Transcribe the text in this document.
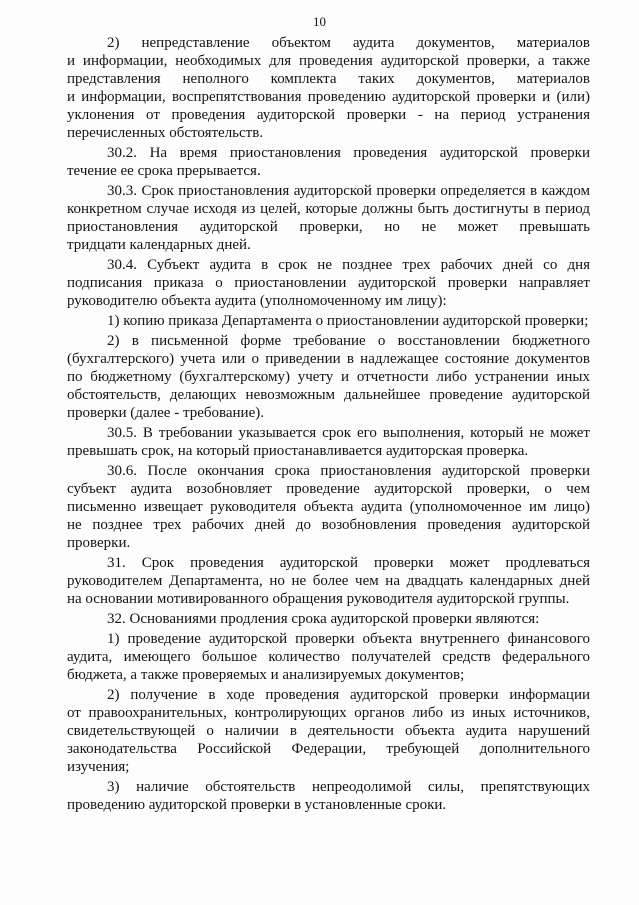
10
2) непредставление объектом аудита документов, материалов
и информации, необходимых для проведения аудиторской проверки, а также
представления неполного комплекта таких документов, материалов
и информации, воспрепятствования проведению аудиторской проверки и (или)
уклонения от проведения аудиторской проверки - на период устранения
перечисленных обстоятельств.
30.2. На время приостановления проведения аудиторской проверки
течение ее срока прерывается.
30.3. Срок приостановления аудиторской проверки определяется в каждом
конкретном случае исходя из целей, которые должны быть достигнуты в период
приостановления аудиторской проверки, но не может превышать
тридцати календарных дней.
30.4. Субъект аудита в срок не позднее трех рабочих дней со дня
подписания приказа о приостановлении аудиторской проверки направляет
руководителю объекта аудита (уполномоченному им лицу):
1) копию приказа Департамента о приостановлении аудиторской проверки;
2) в письменной форме требование о восстановлении бюджетного
(бухгалтерского) учета или о приведении в надлежащее состояние документов
по бюджетному (бухгалтерскому) учету и отчетности либо устранении иных
обстоятельств, делающих невозможным дальнейшее проведение аудиторской
проверки (далее - требование).
30.5. В требовании указывается срок его выполнения, который не может
превышать срок, на который приостанавливается аудиторская проверка.
30.6. После окончания срока приостановления аудиторской проверки
субъект аудита возобновляет проведение аудиторской проверки, о чем
письменно извещает руководителя объекта аудита (уполномоченное им лицо)
не позднее трех рабочих дней до возобновления проведения аудиторской
проверки.
31. Срок проведения аудиторской проверки может продлеваться
руководителем Департамента, но не более чем на двадцать календарных дней
на основании мотивированного обращения руководителя аудиторской группы.
32. Основаниями продления срока аудиторской проверки являются:
1) проведение аудиторской проверки объекта внутреннего финансового
аудита, имеющего большое количество получателей средств федерального
бюджета, а также проверяемых и анализируемых документов;
2) получение в ходе проведения аудиторской проверки информации
от правоохранительных, контролирующих органов либо из иных источников,
свидетельствующей о наличии в деятельности объекта аудита нарушений
законодательства Российской Федерации, требующей дополнительного
изучения;
3) наличие обстоятельств непреодолимой силы, препятствующих
проведению аудиторской проверки в установленные сроки.
